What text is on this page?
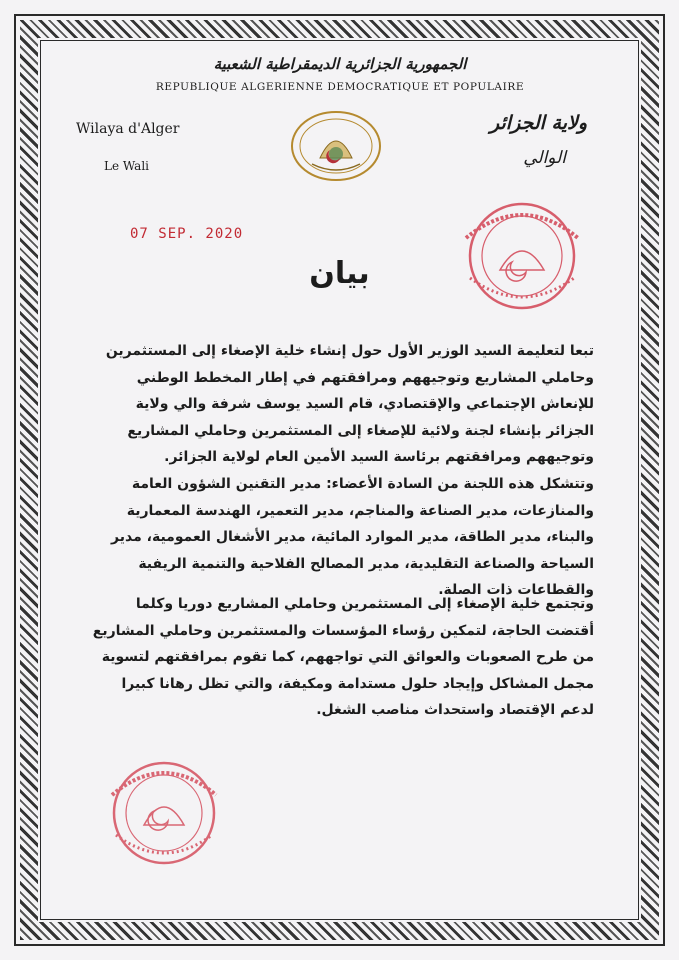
الجمهورية الجزائرية الديمقراطية الشعبية
REPUBLIQUE ALGERIENNE DEMOCRATIQUE ET POPULAIRE
Wilaya d'Alger
Le Wali
ولاية الجزائر
الوالي
07 SEP. 2020
بيان
تبعا لتعليمة السيد الوزير الأول حول إنشاء خلية الإصغاء إلى المستثمرين وحاملي المشاريع وتوجيههم ومرافقتهم في إطار المخطط الوطني للإنعاش الإجتماعي والإقتصادي، قام السيد يوسف شرفة والي ولاية الجزائر بإنشاء لجنة ولائية للإصغاء إلى المستثمرين وحاملي المشاريع وتوجيههم ومرافقتهم برئاسة السيد الأمين العام لولاية الجزائر.
وتتشكل هذه اللجنة من السادة الأعضاء: مدير التقنين الشؤون العامة والمنازعات، مدير الصناعة والمناجم، مدير التعمير، الهندسة المعمارية والبناء، مدير الطاقة، مدير الموارد المائية، مدير الأشغال العمومية، مدير السياحة والصناعة التقليدية، مدير المصالح الفلاحية والتنمية الريفية والقطاعات ذات الصلة.
وتجتمع خلية الإصغاء إلى المستثمرين وحاملي المشاريع دوريا وكلما أقتضت الحاجة، لتمكين رؤساء المؤسسات والمستثمرين وحاملي المشاريع من طرح الصعوبات والعوائق التي تواجههم، كما تقوم بمرافقتهم لتسوية مجمل المشاكل وإيجاد حلول مستدامة ومكيفة، والتي تظل رهانا كبيرا لدعم الإقتصاد واستحداث مناصب الشغل.
